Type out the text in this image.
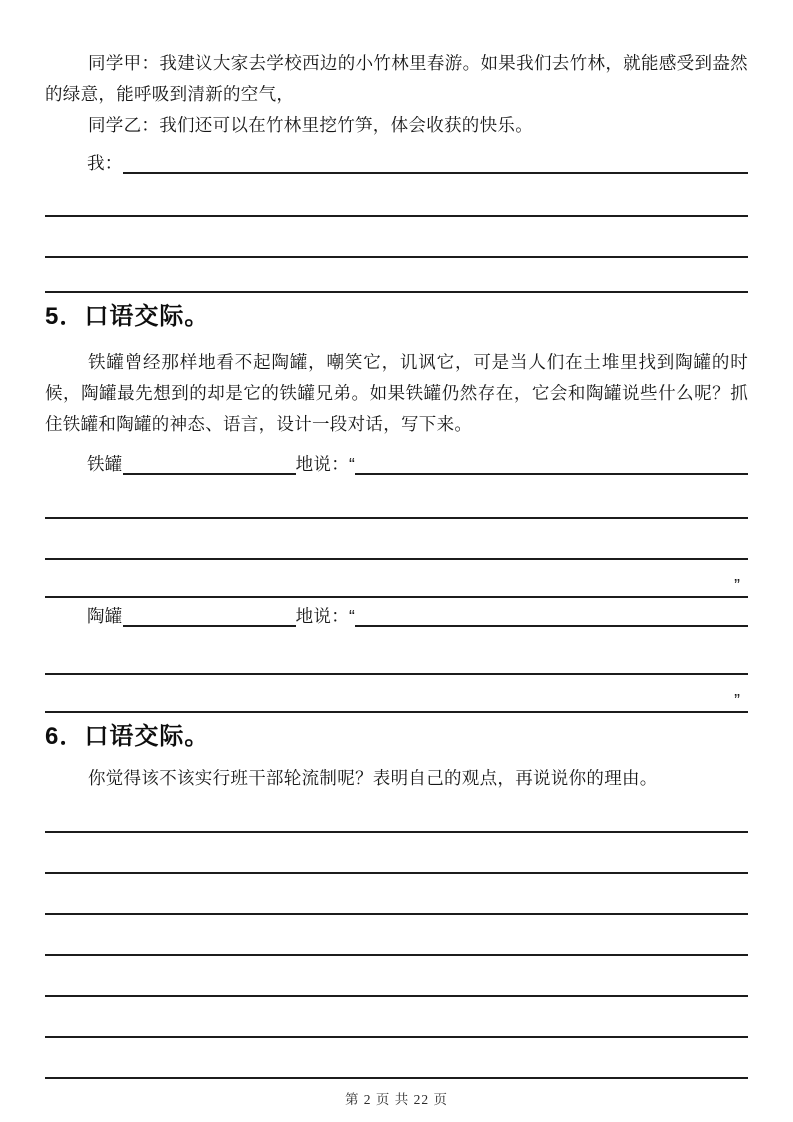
同学甲：我建议大家去学校西边的小竹林里春游。如果我们去竹林，就能感受到盎然的绿意，能呼吸到清新的空气，

同学乙：我们还可以在竹林里挖竹笋，体会收获的快乐。

我：
5．口语交际。

铁罐曾经那样地看不起陶罐，嘲笑它，讥讽它，可是当人们在土堆里找到陶罐的时候，陶罐最先想到的却是它的铁罐兄弟。如果铁罐仍然存在，它会和陶罐说些什么呢？抓住铁罐和陶罐的神态、语言，设计一段对话，写下来。

铁罐	地说：“
”
陶罐	地说：“
”
6．口语交际。

你觉得该不该实行班干部轮流制呢？表明自己的观点，再说说你的理由。

第 2 页 共 22 页
